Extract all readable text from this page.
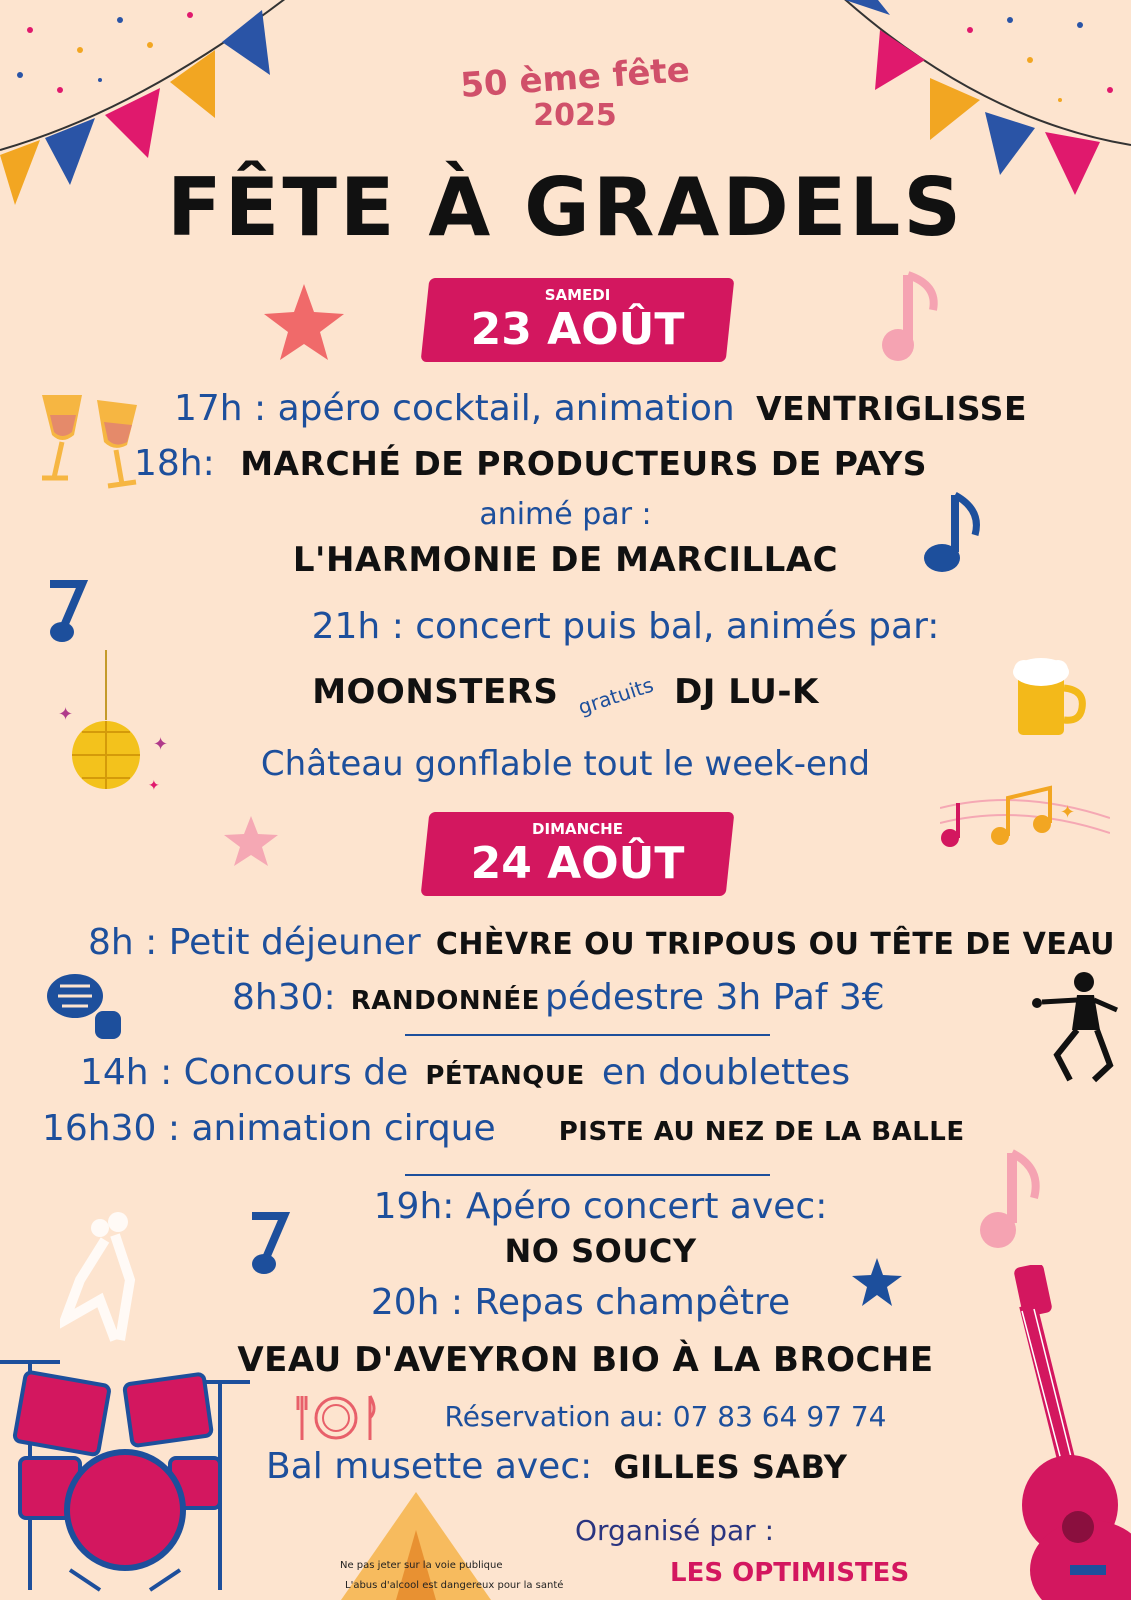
50 ème fête
2025
FÊTE À GRADELS
SAMEDI
23 AOÛT
17h : apéro cocktail, animation VENTRIGLISSE
18h: MARCHÉ DE PRODUCTEURS DE PAYS
animé par :
L'HARMONIE DE MARCILLAC
21h : concert puis bal, animés par:
MOONSTERS gratuits DJ LU-K
Château gonflable tout le week-end
✦
✦
✦
✦
DIMANCHE
24 AOÛT
8h : Petit déjeuner CHÈVRE OU TRIPOUS OU TÊTE DE VEAU
8h30: RANDONNÉE pédestre 3h Paf 3€
14h : Concours de PÉTANQUE en doublettes
16h30 : animation cirque PISTE AU NEZ DE LA BALLE
19h: Apéro concert avec:
NO SOUCY
20h : Repas champêtre
VEAU D'AVEYRON BIO À LA BROCHE
Réservation au: 07 83 64 97 74
Bal musette avec: GILLES SABY
Organisé par :
LES OPTIMISTES
Ne pas jeter sur la voie publique
L'abus d'alcool est dangereux pour la santé
